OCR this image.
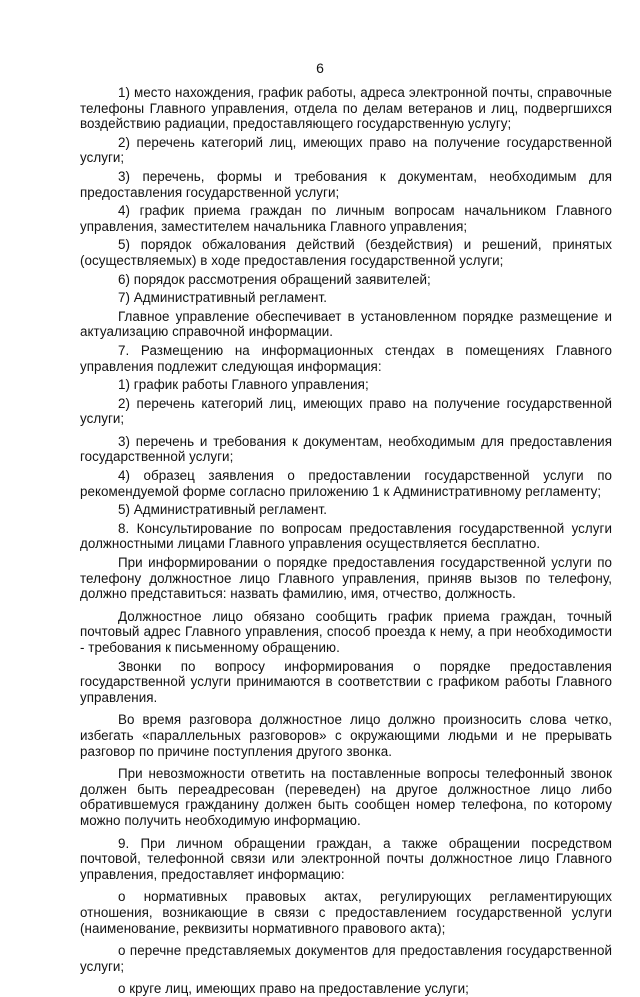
6

1) место нахождения, график работы, адреса электронной почты, справочные телефоны Главного управления, отдела по делам ветеранов и лиц, подвергшихся воздействию радиации, предоставляющего государственную услугу;

2) перечень категорий лиц, имеющих право на получение государственной услуги;

3) перечень, формы и требования к документам, необходимым для предоставления государственной услуги;

4) график приема граждан по личным вопросам начальником Главного управления, заместителем начальника Главного управления;

5) порядок обжалования действий (бездействия) и решений, принятых (осуществляемых) в ходе предоставления государственной услуги;

6) порядок рассмотрения обращений заявителей;

7) Административный регламент.

Главное управление обеспечивает в установленном порядке размещение и актуализацию справочной информации.

7. Размещению на информационных стендах в помещениях Главного управления подлежит следующая информация:

1) график работы Главного управления;

2) перечень категорий лиц, имеющих право на получение государственной услуги;

3) перечень и требования к документам, необходимым для предоставления государственной услуги;

4) образец заявления о предоставлении государственной услуги по рекомендуемой форме согласно приложению 1 к Административному регламенту;

5) Административный регламент.

8. Консультирование по вопросам предоставления государственной услуги должностными лицами Главного управления осуществляется бесплатно.

При информировании о порядке предоставления государственной услуги по телефону должностное лицо Главного управления, приняв вызов по телефону, должно представиться: назвать фамилию, имя, отчество, должность.

Должностное лицо обязано сообщить график приема граждан, точный почтовый адрес Главного управления, способ проезда к нему, а при необходимости - требования к письменному обращению.

Звонки по вопросу информирования о порядке предоставления государственной услуги принимаются в соответствии с графиком работы Главного управления.

Во время разговора должностное лицо должно произносить слова четко, избегать «параллельных разговоров» с окружающими людьми и не прерывать разговор по причине поступления другого звонка.

При невозможности ответить на поставленные вопросы телефонный звонок должен быть переадресован (переведен) на другое должностное лицо либо обратившемуся гражданину должен быть сообщен номер телефона, по которому можно получить необходимую информацию.

9. При личном обращении граждан, а также обращении посредством почтовой, телефонной связи или электронной почты должностное лицо Главного управления, предоставляет информацию:

о нормативных правовых актах, регулирующих регламентирующих отношения, возникающие в связи с предоставлением государственной услуги (наименование, реквизиты нормативного правового акта);

о перечне представляемых документов для предоставления государственной услуги;

о круге лиц, имеющих право на предоставление услуги;
